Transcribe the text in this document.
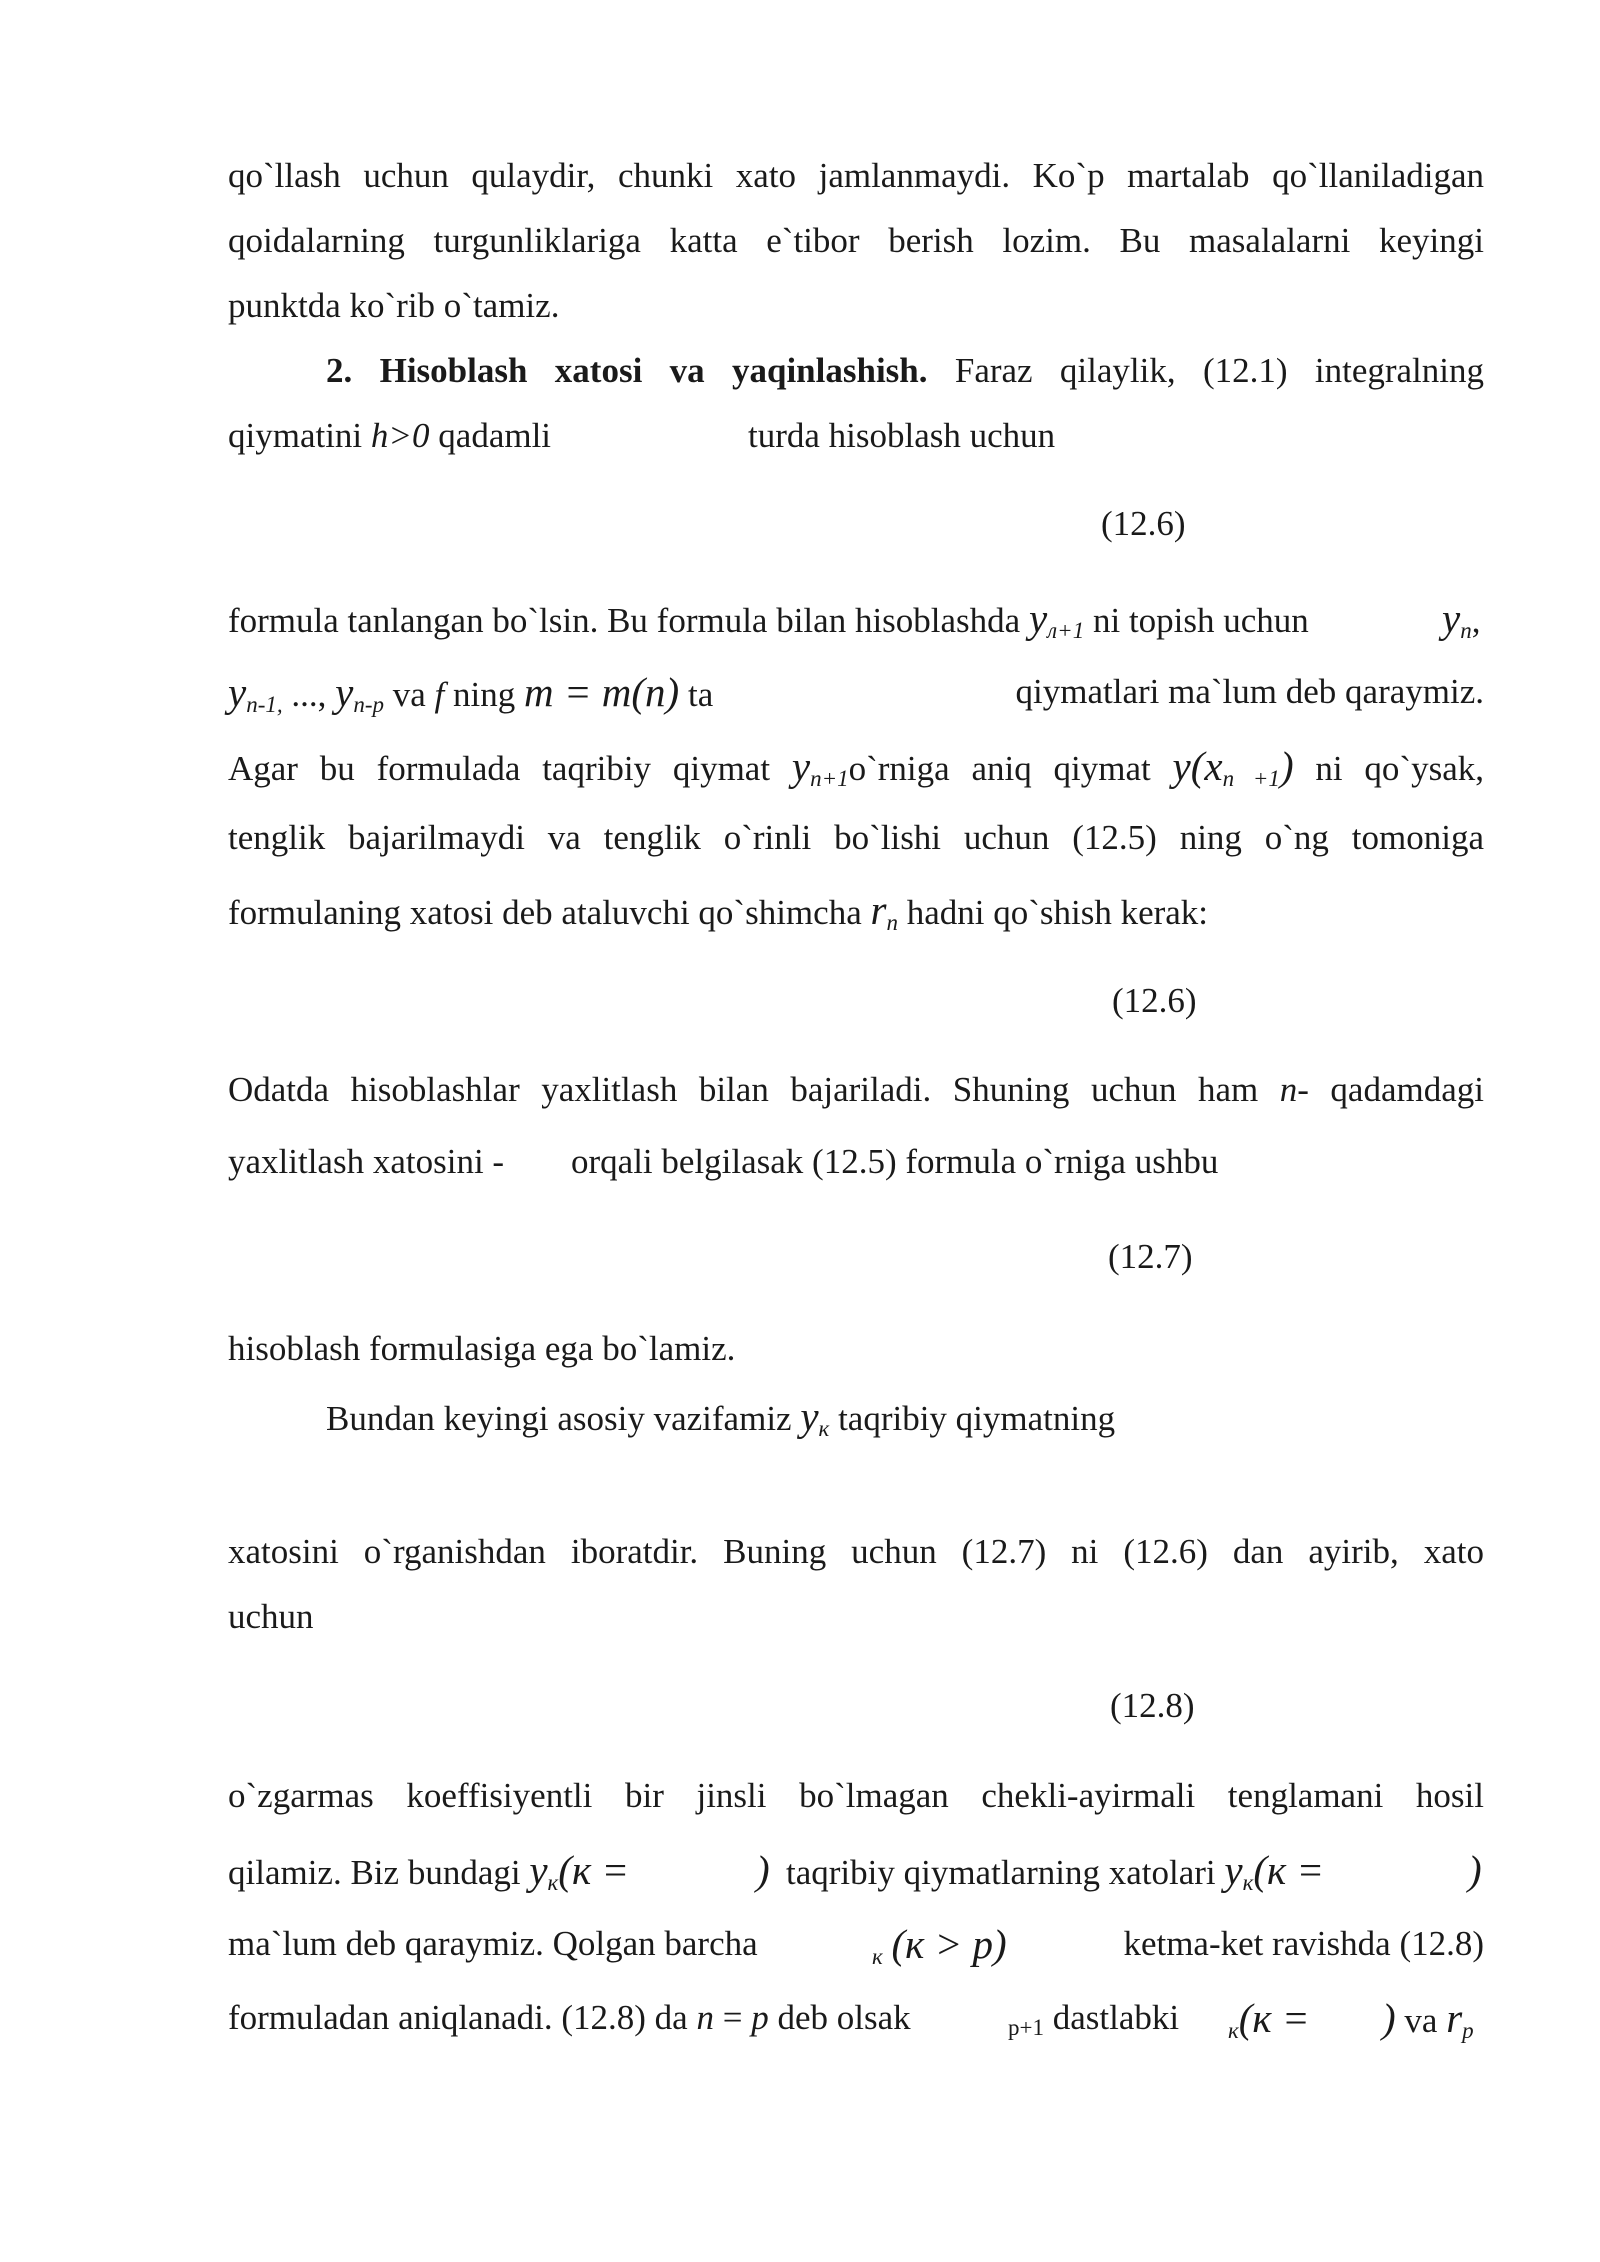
qo`llash uchun qulaydir, chunki xato jamlanmaydi. Ko`p martalab qo`llaniladigan
qoidalarning turgunliklariga katta e`tibor berish lozim. Bu masalalarni keyingi
punktda ko`rib o`tamiz.
2. Hisoblash xatosi va yaqinlashish. Faraz qilaylik, (12.1) integralning
qiymatini h>0 qadamli	turda hisoblash uchun
(12.6)
formula tanlangan bo`lsin. Bu formula bilan hisoblashda $y_{л+1}$ ni topish uchun	$y_n$,
$y_{n-1,}$ ..., $y_{n-p}$ va f ning m = m(n) ta	qiymatlari ma`lum deb qaraymiz.
Agar bu formulada taqribiy qiymat $y_{n+1}o`rniga$ aniq qiymat $y(x_{n +1})$ ni qo`ysak,
tenglik bajarilmaydi va tenglik o`rinli bo`lishi uchun (12.5) ning o`ng tomoniga
formulaning xatosi deb ataluvchi qo`shimcha $r_n$ hadni qo`shish kerak:
(12.6)
Odatda hisoblashlar yaxlitlash bilan bajariladi. Shuning uchun ham n- qadamdagi
yaxlitlash xatosini -	orqali belgilasak (12.5) formula o`rniga ushbu
(12.7)
hisoblash formulasiga ega bo`lamiz.
Bundan keyingi asosiy vazifamiz $y_к$ taqribiy qiymatning
xatosini o`rganishdan iboratdir. Buning uchun (12.7) ni (12.6) dan ayirib, xato
uchun
(12.8)
o`zgarmas koeffisiyentli bir jinsli bo`lmagan chekli-ayirmali tenglamani hosil
qilamiz. Biz bundagi $y_к(к$ =	) taqribiy qiymatlarning xatolari $y_к(к$ =	)
ma`lum deb qaraymiz. Qolgan barcha	$_к$ (к > p)	ketma-ket ravishda (12.8)
formuladan aniqlanadi. (12.8) da n = p deb olsak	$_{p+1}$ dastlabki $_к$(к = ) va $r_p$
